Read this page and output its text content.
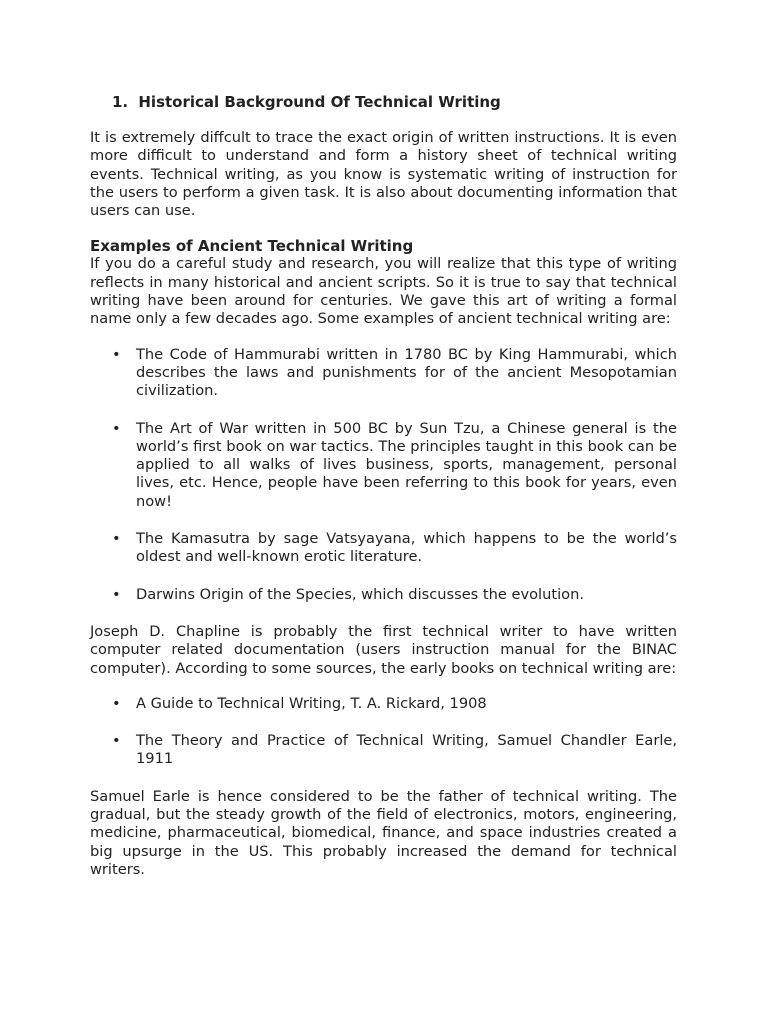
1. Historical Background Of Technical Writing

It is extremely diffcult to trace the exact origin of written instructions. It is even more difficult to understand and form a history sheet of technical writing events. Technical writing, as you know is systematic writing of instruction for the users to perform a given task. It is also about documenting information that users can use.

Examples of Ancient Technical Writing

If you do a careful study and research, you will realize that this type of writing reflects in many historical and ancient scripts. So it is true to say that technical writing have been around for centuries. We gave this art of writing a formal name only a few decades ago. Some examples of ancient technical writing are:

• The Code of Hammurabi written in 1780 BC by King Hammurabi, which describes the laws and punishments for of the ancient Mesopotamian civilization.
• The Art of War written in 500 BC by Sun Tzu, a Chinese general is the world’s first book on war tactics. The principles taught in this book can be applied to all walks of lives business, sports, management, personal lives, etc. Hence, people have been referring to this book for years, even now!
• The Kamasutra by sage Vatsyayana, which happens to be the world’s oldest and well-known erotic literature.
• Darwins Origin of the Species, which discusses the evolution.

Joseph D. Chapline is probably the first technical writer to have written computer related documentation (users instruction manual for the BINAC computer). According to some sources, the early books on technical writing are:

• A Guide to Technical Writing, T. A. Rickard, 1908
• The Theory and Practice of Technical Writing, Samuel Chandler Earle, 1911

Samuel Earle is hence considered to be the father of technical writing. The gradual, but the steady growth of the field of electronics, motors, engineering, medicine, pharmaceutical, biomedical, finance, and space industries created a big upsurge in the US. This probably increased the demand for technical writers.
